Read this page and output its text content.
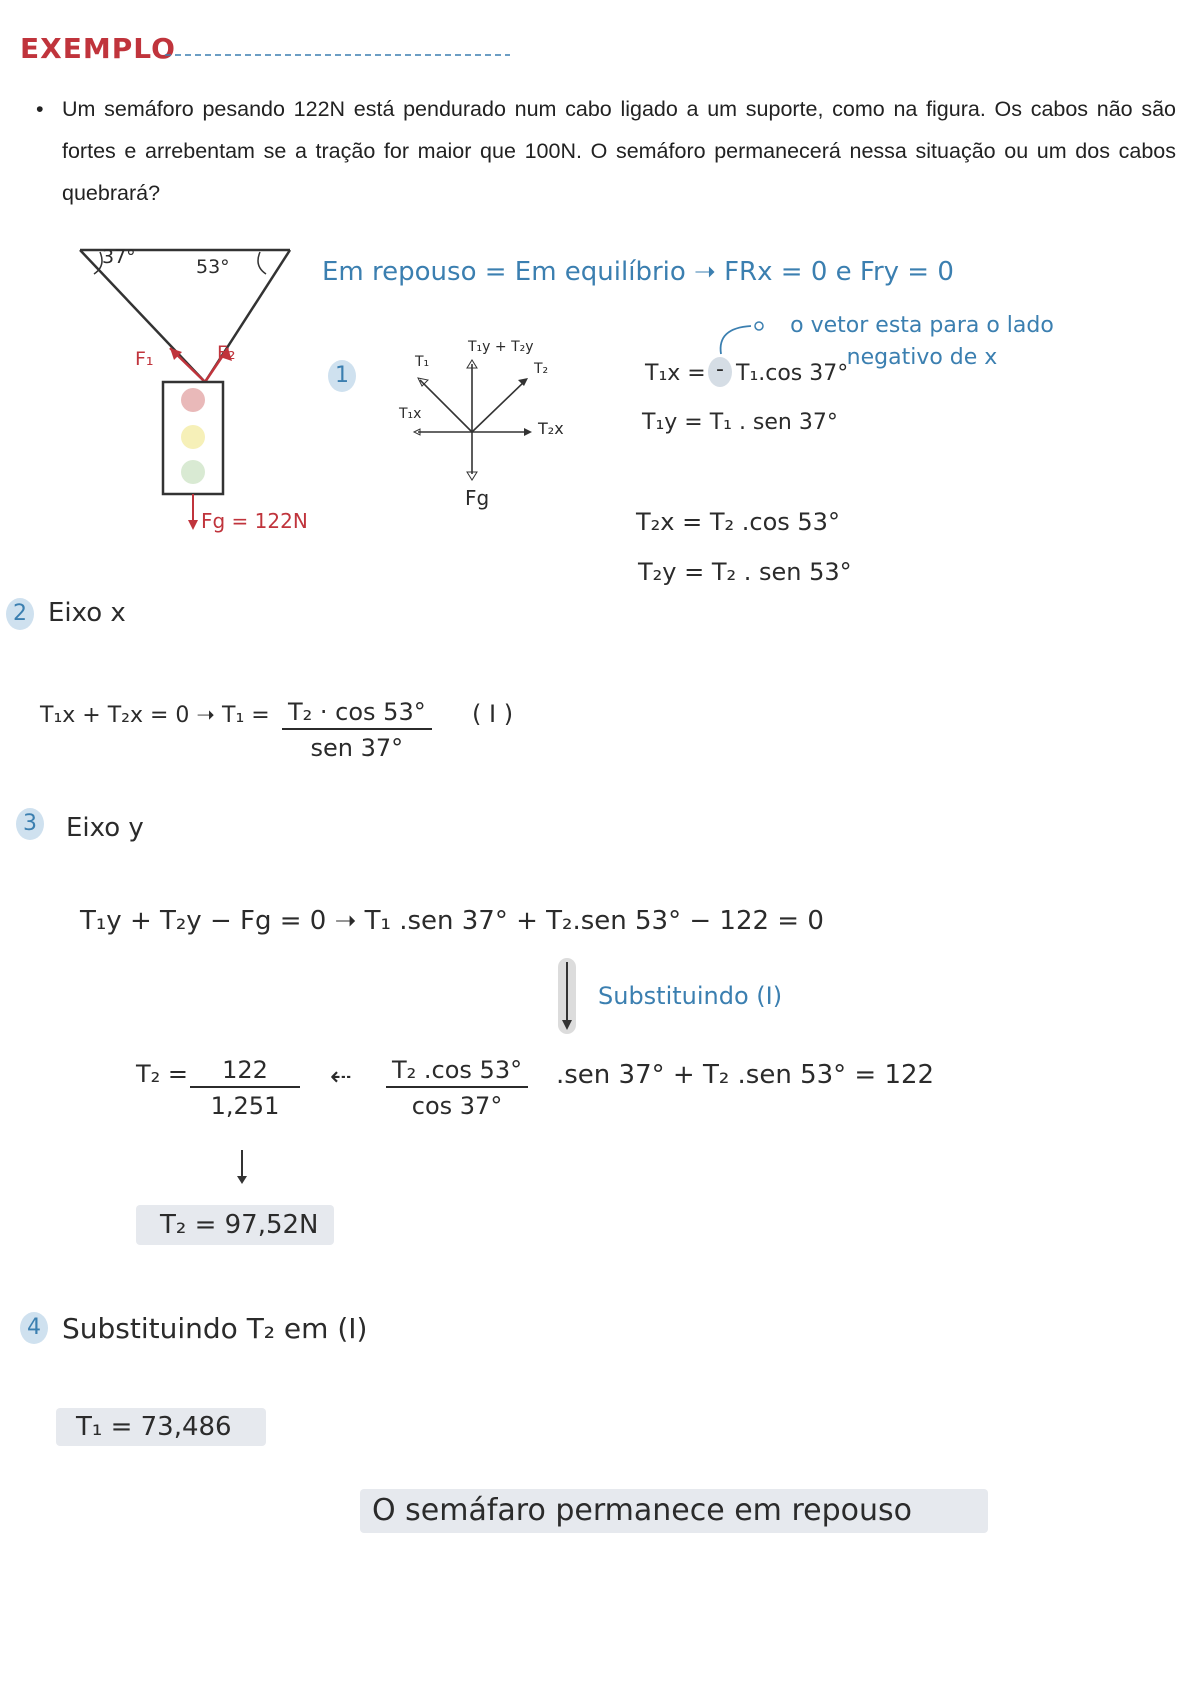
EXEMPLO
• Um semáforo pesando 122N está pendurado num cabo ligado a um suporte, como na figura. Os cabos não são fortes e arrebentam se a tração for maior que 100N. O semáforo permanecerá nessa situação ou um dos cabos quebrará?
37°	53°
F₁	F₂
Fg = 122N
Em repouso = Em equilíbrio ➝ FRx = 0 e Fry = 0
1
T₁
T₁x
T₁y + T₂y
T₂
T₂x
Fg
o vetor esta para o lado negativo de x
T₁x = - T₁.cos 37°
T₁y = T₁ . sen 37°
T₂x = T₂ .cos 53°
T₂y = T₂ . sen 53°
2 Eixo x
T₁x + T₂x = 0 ➝ T₁ = T₂ · cos 53°
sen 37°
( I )
3 Eixo y
T₁y + T₂y − Fg = 0 ➝ T₁ .sen 37° + T₂.sen 53° − 122 = 0
Substituindo (I)
$T_2 = \frac{122}{1,251}$ ⇠ $\frac{\text{T₂ .cos 53°}}{\cos 37^\circ} .sen$ 37° + T₂ .sen 53° = 122
T₂ = 97,52N
4 Substituindo T₂ em (I)
T₁ = 73,486
O semáfaro permanece em repouso
